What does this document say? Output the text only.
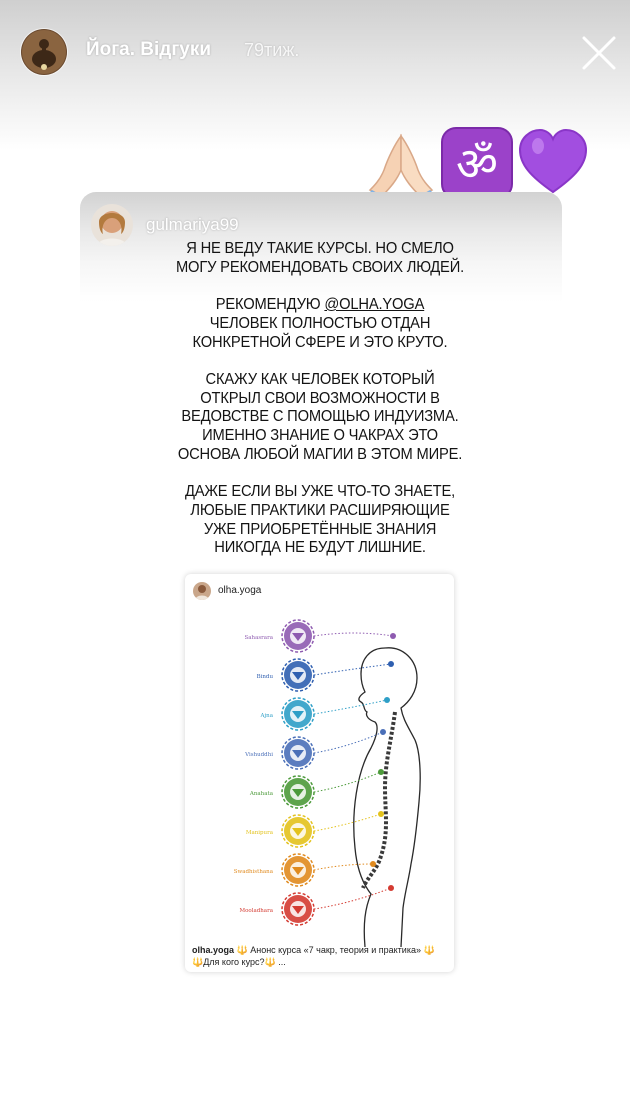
Йога. Відгуки 79тиж.
ॐ
gulmariya99
Я НЕ ВЕДУ ТАКИЕ КУРСЫ. НО СМЕЛО
МОГУ РЕКОМЕНДОВАТЬ СВОИХ ЛЮДЕЙ.
РЕКОМЕНДУЮ @OLHA.YOGA
ЧЕЛОВЕК ПОЛНОСТЬЮ ОТДАН
КОНКРЕТНОЙ СФЕРЕ И ЭТО КРУТО.
СКАЖУ КАК ЧЕЛОВЕК КОТОРЫЙ
ОТКРЫЛ СВОИ ВОЗМОЖНОСТИ В
ВЕДОВСТВЕ С ПОМОЩЬЮ ИНДУИЗМА.
ИМЕННО ЗНАНИЕ О ЧАКРАХ ЭТО
ОСНОВА ЛЮБОЙ МАГИИ В ЭТОМ МИРЕ.
ДАЖЕ ЕСЛИ ВЫ УЖЕ ЧТО-ТО ЗНАЕТЕ,
ЛЮБЫЕ ПРАКТИКИ РАСШИРЯЮЩИЕ
УЖЕ ПРИОБРЕТЁННЫЕ ЗНАНИЯ
НИКОГДА НЕ БУДУТ ЛИШНИЕ.
olha.yoga
Sahasrara
Bindu
Ajna
Vishuddhi
Anahata
Manipura
Swadhisthana
Mooladhara
olha.yoga 🔱 Анонс курса «7 чакр, теория и практика» 🔱
🔱Для кого курс?🔱 ...
